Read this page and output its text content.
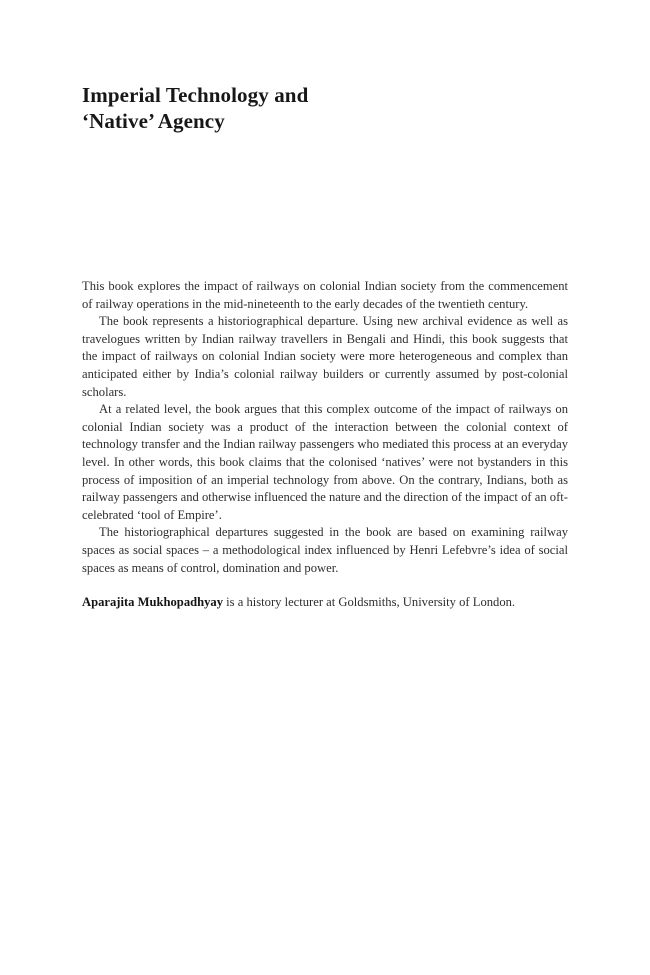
Imperial Technology and
‘Native’ Agency

This book explores the impact of railways on colonial Indian society from the commencement of railway operations in the mid-nineteenth to the early decades of the twentieth century.

The book represents a historiographical departure. Using new archival evidence as well as travelogues written by Indian railway travellers in Bengali and Hindi, this book suggests that the impact of railways on colonial Indian society were more heterogeneous and complex than anticipated either by India’s colonial railway builders or currently assumed by post-colonial scholars.

At a related level, the book argues that this complex outcome of the impact of railways on colonial Indian society was a product of the interaction between the colonial context of technology transfer and the Indian railway passengers who mediated this process at an everyday level. In other words, this book claims that the colonised ‘natives’ were not bystanders in this process of imposition of an imperial technology from above. On the contrary, Indians, both as railway passengers and otherwise influenced the nature and the direction of the impact of an oft-celebrated ‘tool of Empire’.

The historiographical departures suggested in the book are based on examining railway spaces as social spaces – a methodological index influenced by Henri Lefebvre’s idea of social spaces as means of control, domination and power.

Aparajita Mukhopadhyay is a history lecturer at Goldsmiths, University of London.
